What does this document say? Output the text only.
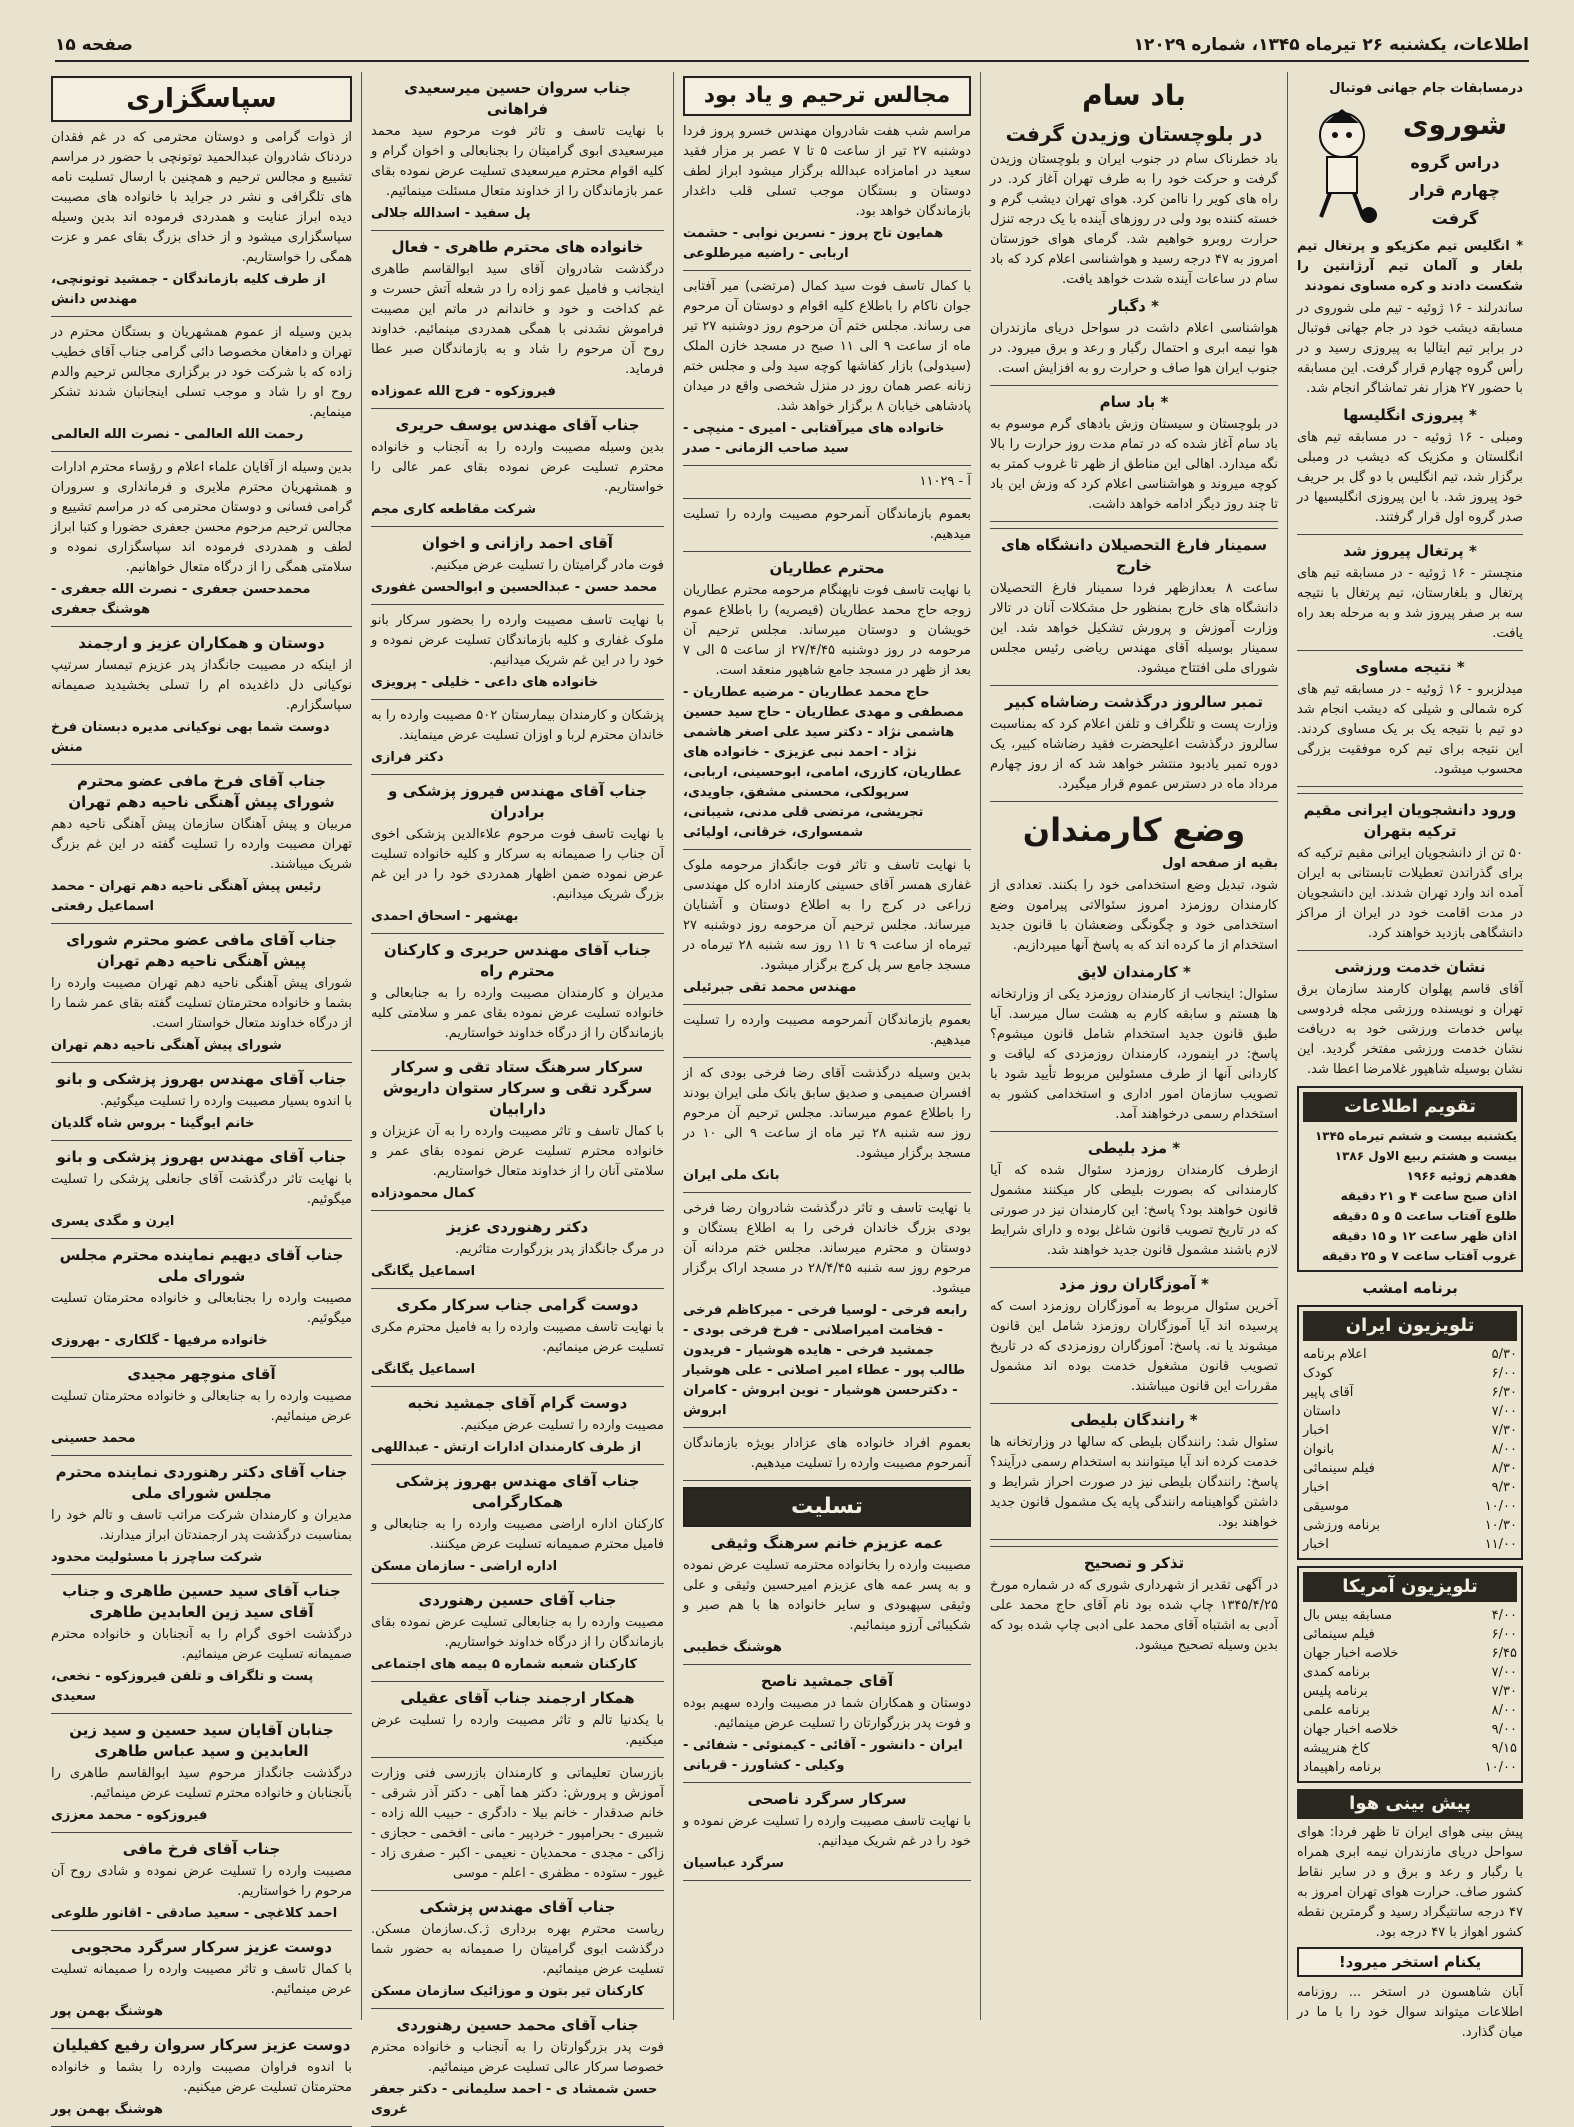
اطلاعات، یکشنبه ۲۶ تیرماه ۱۳۴۵، شماره ۱۲۰۲۹
صفحه ۱۵
درمسابقات جام جهانی فوتبال
شوروی
دراس گروه چهارم قرار گرفت

* انگلیس تیم مکزیکو و پرتغال تیم بلغار و آلمان تیم آرژانتین را شکست دادند و کره مساوی نمودند

ساندرلند - ۱۶ ژوئیه - تیم ملی شوروی در مسابقه دیشب خود در جام جهانی فوتبال در برابر تیم ایتالیا به پیروزی رسید و در رأس گروه چهارم قرار گرفت. این مسابقه با حضور ۲۷ هزار نفر تماشاگر انجام شد.

* پیروزی انگلیسها

ومبلی - ۱۶ ژوئیه - در مسابقه تیم های انگلستان و مکزیک که دیشب در ومبلی برگزار شد، تیم انگلیس با دو گل بر حریف خود پیروز شد. با این پیروزی انگلیسیها در صدر گروه اول قرار گرفتند.

* پرتغال پیروز شد

منچستر - ۱۶ ژوئیه - در مسابقه تیم های پرتغال و بلغارستان، تیم پرتغال با نتیجه سه بر صفر پیروز شد و به مرحله بعد راه یافت.

* نتیجه مساوی

میدلزبرو - ۱۶ ژوئیه - در مسابقه تیم های کره شمالی و شیلی که دیشب انجام شد دو تیم با نتیجه یک بر یک مساوی کردند. این نتیجه برای تیم کره موفقیت بزرگی محسوب میشود.

ورود دانشجویان ایرانی مقیم ترکیه بتهران

۵۰ تن از دانشجویان ایرانی مقیم ترکیه که برای گذراندن تعطیلات تابستانی به ایران آمده اند وارد تهران شدند. این دانشجویان در مدت اقامت خود در ایران از مراکز دانشگاهی بازدید خواهند کرد.

نشان خدمت ورزشی

آقای قاسم پهلوان کارمند سازمان برق تهران و نویسنده ورزشی مجله فردوسی بپاس خدمات ورزشی خود به دریافت نشان خدمت ورزشی مفتخر گردید. این نشان بوسیله شاهپور غلامرضا اعطا شد.

تقویم اطلاعات
یکشنبه بیست و ششم تیرماه ۱۳۴۵
بیست و هشتم ربیع الاول ۱۳۸۶
هفدهم ژوئیه ۱۹۶۶
اذان صبح ساعت ۴ و ۲۱ دقیقه
طلوع آفتاب ساعت ۵ و ۵ دقیقه
اذان ظهر ساعت ۱۲ و ۱۵ دقیقه
غروب آفتاب ساعت ۷ و ۲۵ دقیقه
برنامه امشب
تلویزیون ایران
۵/۳۰
اعلام برنامه
۶/۰۰
کودک
۶/۳۰
آقای پاپیر
۷/۰۰
داستان
۷/۳۰
اخبار
۸/۰۰
بانوان
۸/۳۰
فیلم سینمائی
۹/۳۰
اخبار
۱۰/۰۰
موسیقی
۱۰/۳۰
برنامه ورزشی
۱۱/۰۰
اخبار
تلویزیون آمریکا
۴/۰۰
مسابقه بیس بال
۶/۰۰
فیلم سینمائی
۶/۴۵
خلاصه اخبار جهان
۷/۰۰
برنامه کمدی
۷/۳۰
برنامه پلیس
۸/۰۰
برنامه علمی
۹/۰۰
خلاصه اخبار جهان
۹/۱۵
کاخ هنرپیشه
۱۰/۰۰
برنامه راهپیماد
پیش بینی هوا

پیش بینی هوای ایران تا ظهر فردا: هوای سواحل دریای مازندران نیمه ابری همراه با رگبار و رعد و برق و در سایر نقاط کشور صاف. حرارت هوای تهران امروز به ۴۷ درجه سانتیگراد رسید و گرمترین نقطه کشور اهواز با ۴۷ درجه بود.

یکنام استخر میرود!

آبان شاهسون در استخر ... روزنامه اطلاعات میتواند سوال خود را با ما در میان گذارد.

باد سام
در بلوچستان وزیدن گرفت

باد خطرناک سام در جنوب ایران و بلوچستان وزیدن گرفت و حرکت خود را به طرف تهران آغاز کرد. در راه های کویر را ناامن کرد. هوای تهران دیشب گرم و خسته کننده بود ولی در روزهای آینده با یک درجه تنزل حرارت روبرو خواهیم شد. گرمای هوای خوزستان امروز به ۴۷ درجه رسید و هواشناسی اعلام کرد که باد سام در ساعات آینده شدت خواهد یافت.

* دگبار

هواشناسی اعلام داشت در سواحل دریای مازندران هوا نیمه ابری و احتمال رگبار و رعد و برق میرود. در جنوب ایران هوا صاف و حرارت رو به افزایش است.

* باد سام

در بلوچستان و سیستان وزش بادهای گرم موسوم به باد سام آغاز شده که در تمام مدت روز حرارت را بالا نگه میدارد. اهالی این مناطق از ظهر تا غروب کمتر به کوچه میروند و هواشناسی اعلام کرد که وزش این باد تا چند روز دیگر ادامه خواهد داشت.

سمینار فارغ التحصیلان دانشگاه های خارج

ساعت ۸ بعدازظهر فردا سمینار فارغ التحصیلان دانشگاه های خارج بمنظور حل مشکلات آنان در تالار وزارت آموزش و پرورش تشکیل خواهد شد. این سمینار بوسیله آقای مهندس ریاضی رئیس مجلس شورای ملی افتتاح میشود.

تمبر سالروز درگذشت رضاشاه کبیر

وزارت پست و تلگراف و تلفن اعلام کرد که بمناسبت سالروز درگذشت اعلیحضرت فقید رضاشاه کبیر، یک دوره تمبر یادبود منتشر خواهد شد که از روز چهارم مرداد ماه در دسترس عموم قرار میگیرد.

وضع کارمندان

بقیه از صفحه اول

شود، تبدیل وضع استخدامی خود را بکنند. تعدادی از کارمندان روزمزد امروز سئوالاتی پیرامون وضع استخدامی خود و چگونگی وضعشان با قانون جدید استخدام از ما کرده اند که به پاسخ آنها میپردازیم.

* کارمندان لایق

سئوال: اینجانب از کارمندان روزمزد یکی از وزارتخانه ها هستم و سابقه کارم به هشت سال میرسد. آیا طبق قانون جدید استخدام شامل قانون میشوم؟ پاسخ: در اینمورد، کارمندان روزمزدی که لیاقت و کاردانی آنها از طرف مسئولین مربوط تأیید شود با تصویب سازمان امور اداری و استخدامی کشور به استخدام رسمی درخواهند آمد.

* مزد بلیطی

ازطرف کارمندان روزمزد سئوال شده که آیا کارمندانی که بصورت بلیطی کار میکنند مشمول قانون خواهند بود؟ پاسخ: این کارمندان نیز در صورتی که در تاریخ تصویب قانون شاغل بوده و دارای شرایط لازم باشند مشمول قانون جدید خواهند شد.

* آموزگاران روز مزد

آخرین سئوال مربوط به آموزگاران روزمزد است که پرسیده اند آیا آموزگاران روزمزد شامل این قانون میشوند یا نه. پاسخ: آموزگاران روزمزدی که در تاریخ تصویب قانون مشغول خدمت بوده اند مشمول مقررات این قانون میباشند.

* رانندگان بلیطی

سئوال شد: رانندگان بلیطی که سالها در وزارتخانه ها خدمت کرده اند آیا میتوانند به استخدام رسمی درآیند؟ پاسخ: رانندگان بلیطی نیز در صورت احراز شرایط و داشتن گواهینامه رانندگی پایه یک مشمول قانون جدید خواهند بود.

تذکر و تصحیح

در آگهی تقدیر از شهرداری شوری که در شماره مورخ ۱۳۴۵/۴/۲۵ چاپ شده بود نام آقای حاج محمد علی آدبی به اشتباه آقای محمد علی ادبی چاپ شده بود که بدین وسیله تصحیح میشود.

مجالس ترحیم و یاد بود

مراسم شب هفت شادروان مهندس خسرو پروز فردا دوشنبه ۲۷ تیر از ساعت ۵ تا ۷ عصر بر مزار فقید سعید در امامزاده عبدالله برگزار میشود ابراز لطف دوستان و بستگان موجب تسلی قلب داغدار بازماندگان خواهد بود.

همایون تاج پروز - نسرین نوابی - حشمت اربابی - راضیه میرطلوعی

با کمال تاسف فوت سید کمال (مرتضی) میر آفتابی جوان ناکام را باطلاع کلیه اقوام و دوستان آن مرحوم می رساند. مجلس ختم آن مرحوم روز دوشنبه ۲۷ تیر ماه از ساعت ۹ الی ۱۱ صبح در مسجد خازن الملک (سیدولی) بازار کفاشها کوچه سید ولی و مجلس ختم زنانه عصر همان روز در منزل شخصی واقع در میدان پادشاهی خیابان ۸ برگزار خواهد شد.

خانواده های میرآفتابی - امیری - منیچی - سید صاحب الزمانی - صدر

آ - ۱۱۰۲۹

بعموم بازماندگان آنمرحوم مصیبت وارده را تسلیت میدهیم.

محترم عطاریان

با نهایت تاسف فوت ناپهنگام مرحومه محترم عطاریان زوجه حاج محمد عطاریان (قیصریه) را باطلاع عموم خویشان و دوستان میرساند. مجلس ترحیم آن مرحومه در روز دوشنبه ۲۷/۴/۴۵ از ساعت ۵ الی ۷ بعد از ظهر در مسجد جامع شاهپور منعقد است.

حاج محمد عطاریان - مرضیه عطاریان - مصطفی و مهدی عطاریان - حاج سید حسین هاشمی نژاد - دکتر سید علی اصغر هاشمی نژاد - احمد نبی عزیزی - خانواده های عطاریان، کازری، امامی، ابوحسینی، اربابی، سرپولکی، محسنی مشفق، جاویدی، تجریشی، مرتضی قلی مدنی، شیبانی، شمسواری، خرقانی، اولیائی

با نهایت تاسف و تاثر فوت جانگداز مرحومه ملوک غفاری همسر آقای حسینی کارمند اداره کل مهندسی زراعی در کرج را به اطلاع دوستان و آشنایان میرساند. مجلس ترحیم آن مرحومه روز دوشنبه ۲۷ تیرماه از ساعت ۹ تا ۱۱ روز سه شنبه ۲۸ تیرماه در مسجد جامع سر پل کرج برگزار میشود.

مهندس محمد تقی جبرئیلی

بعموم بازماندگان آنمرحومه مصیبت وارده را تسلیت میدهیم.

بدین وسیله درگذشت آقای رضا فرخی بودی که از افسران صمیمی و صدیق سابق بانک ملی ایران بودند را باطلاع عموم میرساند. مجلس ترحیم آن مرحوم روز سه شنبه ۲۸ تیر ماه از ساعت ۹ الی ۱۰ در مسجد برگزار میشود.

بانک ملی ایران

با نهایت تاسف و تاثر درگذشت شادروان رضا فرخی بودی بزرگ خاندان فرخی را به اطلاع بستگان و دوستان و محترم میرساند. مجلس ختم مردانه آن مرحوم روز سه شنبه ۲۸/۴/۴۵ در مسجد اراک برگزار میشود.

رابعه فرخی - لوسیا فرخی - میرکاظم فرخی - فخامت امیراصلانی - فرخ فرخی بودی - جمشید فرخی - هایده هوشیار - فریدون طالب پور - عطاء امیر اصلانی - علی هوشیار - دکترحسن هوشیار - نوین ابروش - کامران ابروش

بعموم افراد خانواده های عزادار بویژه بازماندگان آنمرحوم مصیبت وارده را تسلیت میدهیم.

تسلیت
عمه عزیزم خانم سرهنگ وثیقی

مصیبت وارده را بخانواده محترمه تسلیت عرض نموده و به پسر عمه های عزیزم امیرحسین وثیقی و علی وثیقی سپهبودی و سایر خانواده ها با هم صبر و شکیبائی آرزو مینمائیم.

هوشنگ خطیبی
آقای جمشید ناصح

دوستان و همکاران شما در مصیبت وارده سهیم بوده و فوت پدر بزرگوارتان را تسلیت عرض مینمائیم.

ایران - دانشور - آقائی - کیمنوئی - شفائی - وکیلی - کشاورز - قربانی
سرکار سرگرد ناصحی

با نهایت تاسف مصیبت وارده را تسلیت عرض نموده و خود را در غم شریک میدانیم.

سرگرد عباسیان
جناب سروان حسین میرسعیدی فراهانی

با نهایت تاسف و تاثر فوت مرحوم سید محمد میرسعیدی ابوی گرامیتان را بجنابعالی و اخوان گرام و کلیه اقوام محترم میرسعیدی تسلیت عرض نموده بقای عمر بازماندگان را از خداوند متعال مسئلت مینمائیم.

پل سفید - اسدالله جلالی
خانواده های محترم طاهری - فعال

درگذشت شادروان آقای سید ابوالقاسم طاهری اینجانب و فامیل عمو زاده را در شعله آتش حسرت و غم کداخت و خود و خاندانم در ماتم این مصیبت فراموش نشدنی با همگی همدردی مینمائیم. خداوند روح آن مرحوم را شاد و به بازماندگان صبر عطا فرماید.

فیروزکوه - فرج الله عموزاده
جناب آقای مهندس یوسف حریری

بدین وسیله مصیبت وارده را به آنجناب و خانواده محترم تسلیت عرض نموده بقای عمر عالی را خواستاریم.

شرکت مقاطعه کاری مجم
آقای احمد رازانی و اخوان

فوت مادر گرامیتان را تسلیت عرض میکنیم.

محمد حسن - عبدالحسین و ابوالحسن غفوری

با نهایت تاسف مصیبت وارده را بحضور سرکار بانو ملوک غفاری و کلیه بازماندگان تسلیت عرض نموده و خود را در این غم شریک میدانیم.

خانواده های داعی - خلیلی - پرویزی

پزشکان و کارمندان بیمارستان ۵۰۲ مصیبت وارده را به خاندان محترم لربا و اوزان تسلیت عرض مینمایند.

دکتر فرازی
جناب آقای مهندس فیروز پزشکی و برادران

با نهایت تاسف فوت مرحوم علاءالدین پزشکی اخوی آن جناب را صمیمانه به سرکار و کلیه خانواده تسلیت عرض نموده ضمن اظهار همدردی خود را در این غم بزرگ شریک میدانیم.

بهشهر - اسحاق احمدی
جناب آقای مهندس حریری و کارکنان محترم راه

مدیران و کارمندان مصیبت وارده را به جنابعالی و خانواده تسلیت عرض نموده بقای عمر و سلامتی کلیه بازماندگان را از درگاه خداوند خواستاریم.

سرکار سرهنگ ستاد تقی و سرکار سرگرد تقی و سرکار ستوان داریوش دارابیان

با کمال تاسف و تاثر مصیبت وارده را به آن عزیزان و خانواده محترم تسلیت عرض نموده بقای عمر و سلامتی آنان را از خداوند متعال خواستاریم.

کمال محمودزاده
دکتر رهنوردی عزیز

در مرگ جانگداز پدر بزرگوارت متاثریم.

اسماعیل یگانگی
دوست گرامی جناب سرکار مکری

با نهایت تاسف مصیبت وارده را به فامیل محترم مکری تسلیت عرض مینمائیم.

اسماعیل یگانگی
دوست گرام آقای جمشید نخبه

مصیبت وارده را تسلیت عرض میکنیم.

از طرف کارمندان ادارات ارتش - عبداللهی
جناب آقای مهندس بهروز پزشکی همکارگرامی

کارکنان اداره اراضی مصیبت وارده را به جنابعالی و فامیل محترم صمیمانه تسلیت عرض میکنند.

اداره اراضی - سازمان مسکن
جناب آقای حسین رهنوردی

مصیبت وارده را به جنابعالی تسلیت عرض نموده بقای بازماندگان را از درگاه خداوند خواستاریم.

کارکنان شعبه شماره ۵ بیمه های اجتماعی
همکار ارجمند جناب آقای عقیلی

با یکدنیا تالم و تاثر مصیبت وارده را تسلیت عرض میکنیم.

بازرسان تعلیماتی و کارمندان بازرسی فنی وزارت آموزش و پرورش: دکتر هما آهی - دکتر آذر شرقی - خانم صدقدار - خانم بیلا - دادگری - حبیب الله زاده - شبیری - بحرامپور - خردپیر - مانی - افخمی - حجازی - زاکی - مجدی - محمدیان - نعیمی - اکبر - صفری زاد - غیور - ستوده - مظفری - اعلم - موسی

جناب آقای مهندس پزشکی

ریاست محترم بهره برداری ژ.ک.سازمان مسکن. درگذشت ابوی گرامیتان را صمیمانه به حضور شما تسلیت عرض مینمائیم.

کارکنان تیر بتون و موزائیک سازمان مسکن
جناب آقای محمد حسین رهنوردی

فوت پدر بزرگوارتان را به آنجناب و خانواده محترم خصوصا سرکار عالی تسلیت عرض مینمائیم.

حسن شمشاد ی - احمد سلیمانی - دکتر جعفر غروی
سپاسگزاری

از ذوات گرامی و دوستان محترمی که در غم فقدان دردناک شادروان عبدالحمید توتونچی با حضور در مراسم تشییع و مجالس ترحیم و همچنین با ارسال تسلیت نامه های تلگرافی و نشر در جراید با خانواده های مصیبت دیده ابراز عنایت و همدردی فرموده اند بدین وسیله سپاسگزاری میشود و از خدای بزرگ بقای عمر و عزت همگی را خواستاریم.

از طرف کلیه بازماندگان - جمشید توتونچی، مهندس دانش

بدین وسیله از عموم همشهریان و بستگان محترم در تهران و دامغان مخصوصا دائی گرامی جناب آقای خطیب زاده که با شرکت خود در برگزاری مجالس ترحیم والدم روح او را شاد و موجب تسلی اینجانبان شدند تشکر مینمایم.

رحمت الله العالمی - نصرت الله العالمی

بدین وسیله از آقایان علماء اعلام و رؤساء محترم ادارات و همشهریان محترم ملایری و فرمانداری و سروران گرامی فسانی و دوستان محترمی که در مراسم تشییع و مجالس ترحیم مرحوم محسن جعفری حضورا و کتبا ابراز لطف و همدردی فرموده اند سپاسگزاری نموده و سلامتی همگی را از درگاه متعال خواهانیم.

محمدحسن جعفری - نصرت الله جعفری - هوشنگ جعفری
دوستان و همکاران عزیز و ارجمند

از اینکه در مصیبت جانگداز پدر عزیزم تیمسار سرتیپ نوکیانی دل داغدیده ام را تسلی بخشیدید صمیمانه سپاسگزارم.

دوست شما بهی نوکیانی مدیره دبستان فرخ منش
جناب آقای فرخ مافی عضو محترم شورای پیش آهنگی ناحیه دهم تهران

مربیان و پیش آهنگان سازمان پیش آهنگی ناحیه دهم تهران مصیبت وارده را تسلیت گفته در این غم بزرگ شریک میباشند.

رئیس پیش آهنگی ناحیه دهم تهران - محمد اسماعیل رفعتی
جناب آقای مافی عضو محترم شورای پیش آهنگی ناحیه دهم تهران

شورای پیش آهنگی ناحیه دهم تهران مصیبت وارده را بشما و خانواده محترمتان تسلیت گفته بقای عمر شما را از درگاه خداوند متعال خواستار است.

شورای پیش آهنگی ناحیه دهم تهران
جناب آقای مهندس بهروز پزشکی و بانو

با اندوه بسیار مصیبت وارده را تسلیت میگوئیم.

خانم ایوگینا - بروس شاه گلدیان
جناب آقای مهندس بهروز پزشکی و بانو

با نهایت تاثر درگذشت آقای جانعلی پزشکی را تسلیت میگوئیم.

ایرن و مگدی یسری
جناب آقای دیهیم نماینده محترم مجلس شورای ملی

مصیبت وارده را بجنابعالی و خانواده محترمتان تسلیت میگوئیم.

خانواده مرفیها - گلکاری - بهروزی
آقای منوچهر مجیدی

مصیبت وارده را به جنابعالی و خانواده محترمتان تسلیت عرض مینمائیم.

محمد حسینی
جناب آقای دکتر رهنوردی نماینده محترم مجلس شورای ملی

مدیران و کارمندان شرکت مراتب تاسف و تالم خود را بمناسبت درگذشت پدر ارجمندتان ابراز میدارند.

شرکت ساچرز با مسئولیت محدود
جناب آقای سید حسین طاهری و جناب آقای سید زین العابدین طاهری

درگذشت اخوی گرام را به آنجنابان و خانواده محترم صمیمانه تسلیت عرض مینمائیم.

پست و تلگراف و تلفن فیروزکوه - نخعی، سعیدی
جنابان آقایان سید حسین و سید زین العابدین و سید عباس طاهری

درگذشت جانگداز مرحوم سید ابوالقاسم طاهری را بآنجنابان و خانواده محترم تسلیت عرض مینمائیم.

فیروزکوه - محمد معززی
جناب آقای فرخ مافی

مصیبت وارده را تسلیت عرض نموده و شادی روح آن مرحوم را خواستاریم.

احمد کلاغچی - سعید صادقی - اقانور طلوعی
دوست عزیز سرکار سرگرد محجوبی

با کمال تاسف و تاثر مصیبت وارده را صمیمانه تسلیت عرض مینمائیم.

هوشنگ بهمن پور
دوست عزیز سرکار سروان رفیع کفیلیان

با اندوه فراوان مصیبت وارده را بشما و خانواده محترمتان تسلیت عرض میکنیم.

هوشنگ بهمن پور
